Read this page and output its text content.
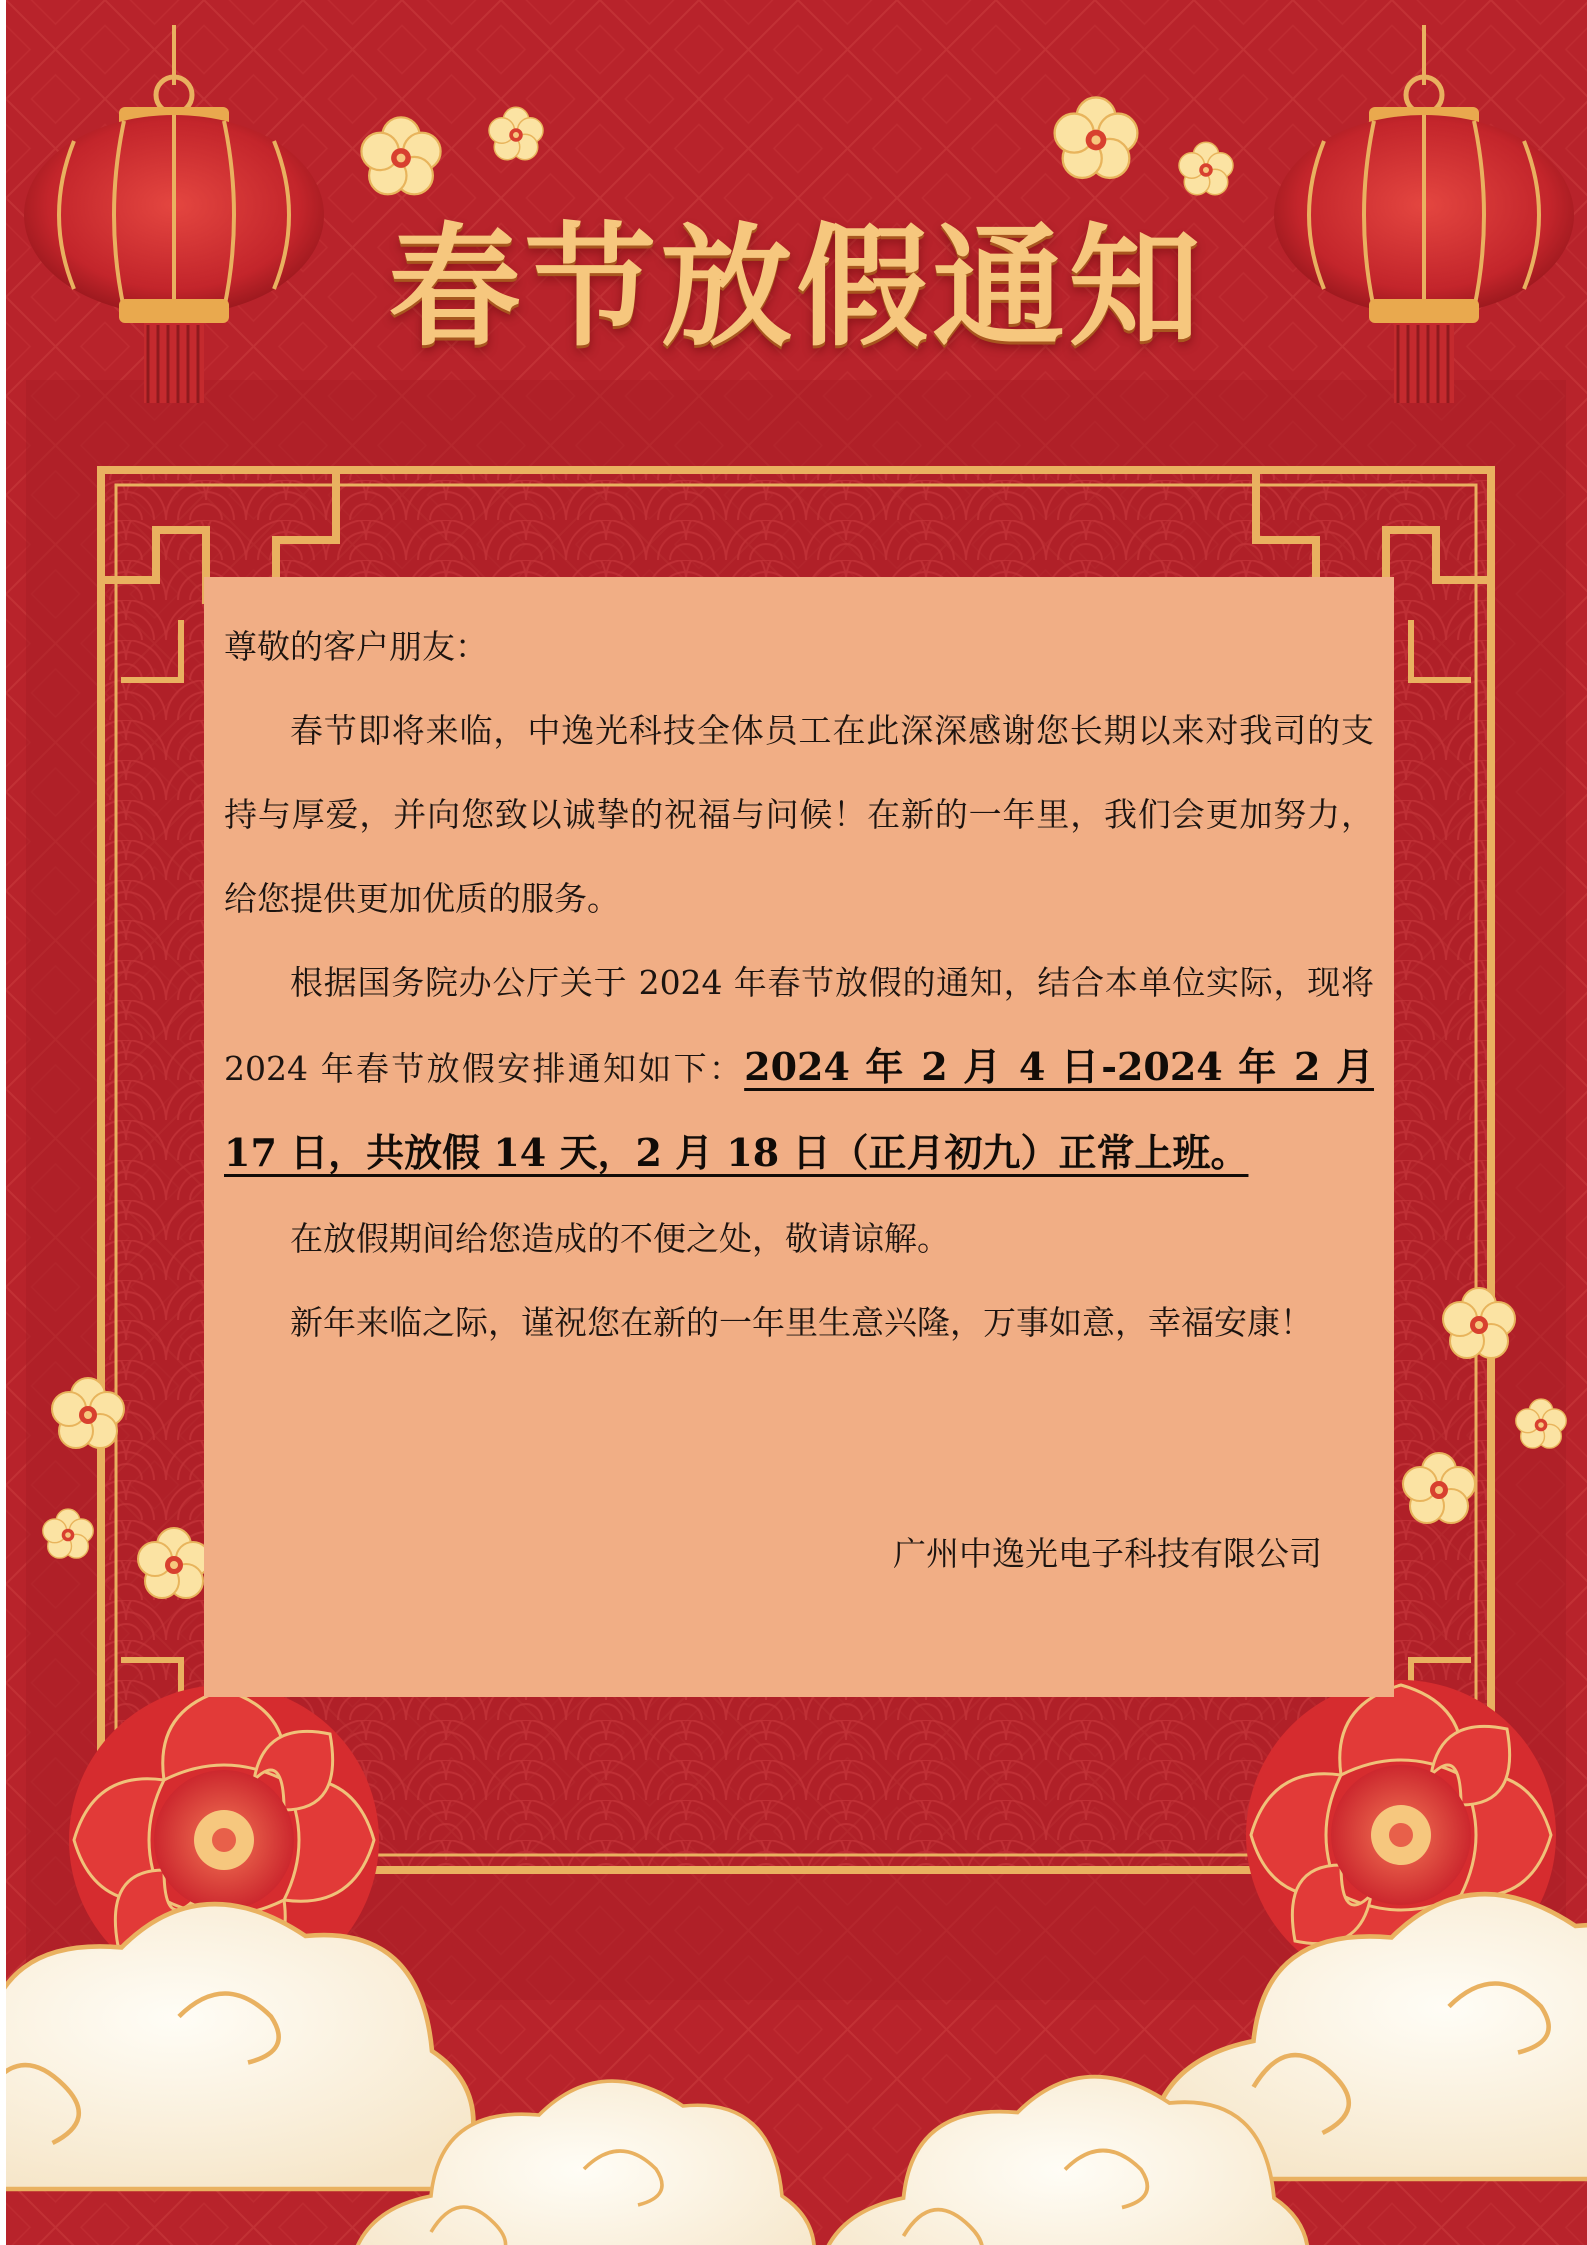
春节放假通知

尊敬的客户朋友：

春节即将来临，中逸光科技全体员工在此深深感谢您长期以来对我司的支持与厚爱，并向您致以诚挚的祝福与问候！在新的一年里，我们会更加努力，给您提供更加优质的服务。

根据国务院办公厅关于 2024 年春节放假的通知，结合本单位实际，现将 2024 年春节放假安排通知如下：2024 年 2 月 4 日-2024 年 2 月 17 日，共放假 14 天，2 月 18 日（正月初九）正常上班。

在放假期间给您造成的不便之处，敬请谅解。

新年来临之际，谨祝您在新的一年里生意兴隆，万事如意，幸福安康！

广州中逸光电子科技有限公司
